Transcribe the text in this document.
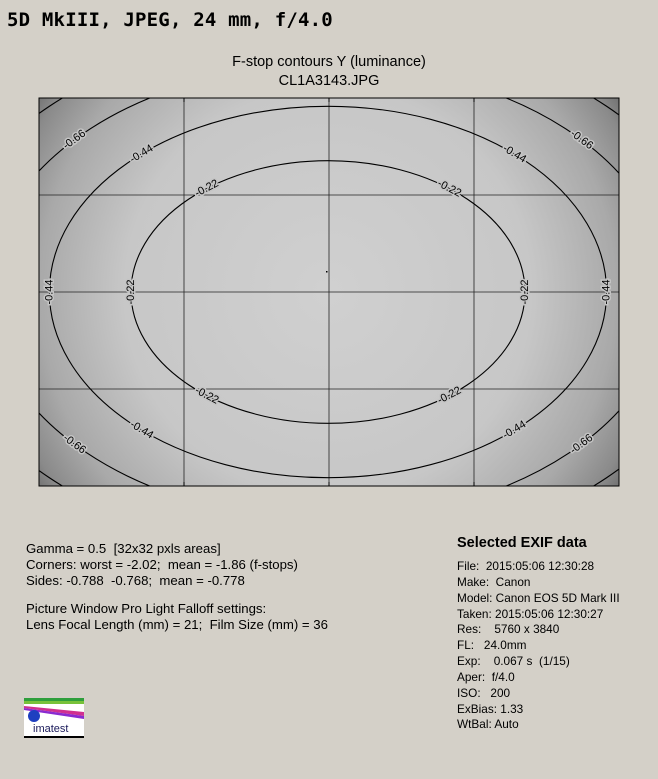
5D MkIII, JPEG, 24 mm, f/4.0
F-stop contours Y (luminance)
CL1A3143.JPG
-0.22	-0.22
-0.22	-0.22
-0.22	-0.22
-0.44	-0.44
-0.44	-0.44
-0.44	-0.44
-0.66	-0.66
-0.66	-0.66
Gamma = 0.5  [32x32 pxls areas]
Corners: worst = -2.02;  mean = -1.86 (f-stops)
Sides: -0.788  -0.768;  mean = -0.778
Picture Window Pro Light Falloff settings:
Lens Focal Length (mm) = 21;  Film Size (mm) = 36
Selected EXIF data
File:  2015:05:06 12:30:28
Make:  Canon
Model: Canon EOS 5D Mark III
Taken: 2015:05:06 12:30:27
Res:    5760 x 3840
FL:   24.0mm
Exp:    0.067 s  (1/15)
Aper:  f/4.0
ISO:   200
ExBias: 1.33
WtBal: Auto
imatest
